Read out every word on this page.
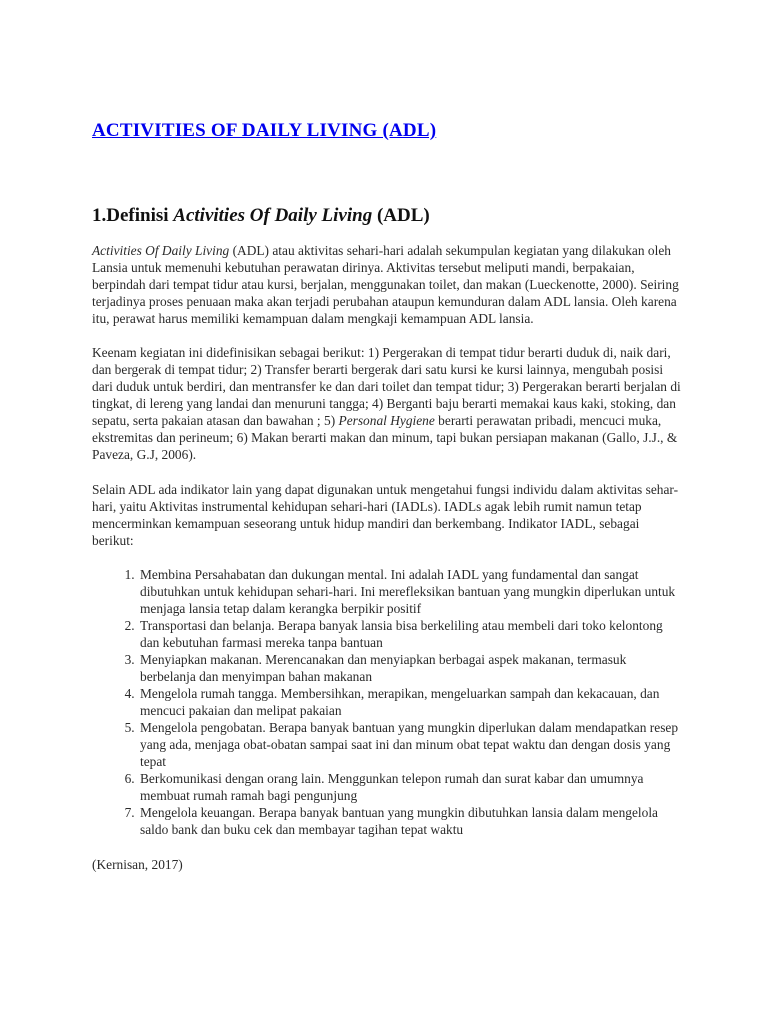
ACTIVITIES OF DAILY LIVING (ADL)
1.Definisi Activities Of Daily Living (ADL)

Activities Of Daily Living (ADL) atau aktivitas sehari-hari adalah sekumpulan kegiatan yang dilakukan oleh Lansia untuk memenuhi kebutuhan perawatan dirinya. Aktivitas tersebut meliputi mandi, berpakaian, berpindah dari tempat tidur atau kursi, berjalan, menggunakan toilet, dan makan (Lueckenotte, 2000). Seiring terjadinya proses penuaan maka akan terjadi perubahan ataupun kemunduran dalam ADL lansia. Oleh karena itu, perawat harus memiliki kemampuan dalam mengkaji kemampuan ADL lansia.

Keenam kegiatan ini didefinisikan sebagai berikut: 1) Pergerakan di tempat tidur berarti duduk di, naik dari, dan bergerak di tempat tidur; 2) Transfer berarti bergerak dari satu kursi ke kursi lainnya, mengubah posisi dari duduk untuk berdiri, dan mentransfer ke dan dari toilet dan tempat tidur; 3) Pergerakan berarti berjalan di tingkat, di lereng yang landai dan menuruni tangga; 4) Berganti baju berarti memakai kaus kaki, stoking, dan sepatu, serta pakaian atasan dan bawahan ; 5) Personal Hygiene berarti perawatan pribadi, mencuci muka, ekstremitas dan perineum; 6) Makan berarti makan dan minum, tapi bukan persiapan makanan (Gallo, J.J., & Paveza, G.J, 2006).

Selain ADL ada indikator lain yang dapat digunakan untuk mengetahui fungsi individu dalam aktivitas sehar-hari, yaitu Aktivitas instrumental kehidupan sehari-hari (IADLs). IADLs agak lebih rumit namun tetap mencerminkan kemampuan seseorang untuk hidup mandiri dan berkembang. Indikator IADL, sebagai berikut:

1. Membina Persahabatan dan dukungan mental. Ini adalah IADL yang fundamental dan sangat dibutuhkan untuk kehidupan sehari-hari. Ini merefleksikan bantuan yang mungkin diperlukan untuk menjaga lansia tetap dalam kerangka berpikir positif
2. Transportasi dan belanja. Berapa banyak lansia bisa berkeliling atau membeli dari toko kelontong dan kebutuhan farmasi mereka tanpa bantuan
3. Menyiapkan makanan. Merencanakan dan menyiapkan berbagai aspek makanan, termasuk berbelanja dan menyimpan bahan makanan
4. Mengelola rumah tangga. Membersihkan, merapikan, mengeluarkan sampah dan kekacauan, dan mencuci pakaian dan melipat pakaian
5. Mengelola pengobatan. Berapa banyak bantuan yang mungkin diperlukan dalam mendapatkan resep yang ada, menjaga obat-obatan sampai saat ini dan minum obat tepat waktu dan dengan dosis yang tepat
6. Berkomunikasi dengan orang lain. Menggunkan telepon rumah dan surat kabar dan umumnya membuat rumah ramah bagi pengunjung
7. Mengelola keuangan. Berapa banyak bantuan yang mungkin dibutuhkan lansia dalam mengelola saldo bank dan buku cek dan membayar tagihan tepat waktu

(Kernisan, 2017)
